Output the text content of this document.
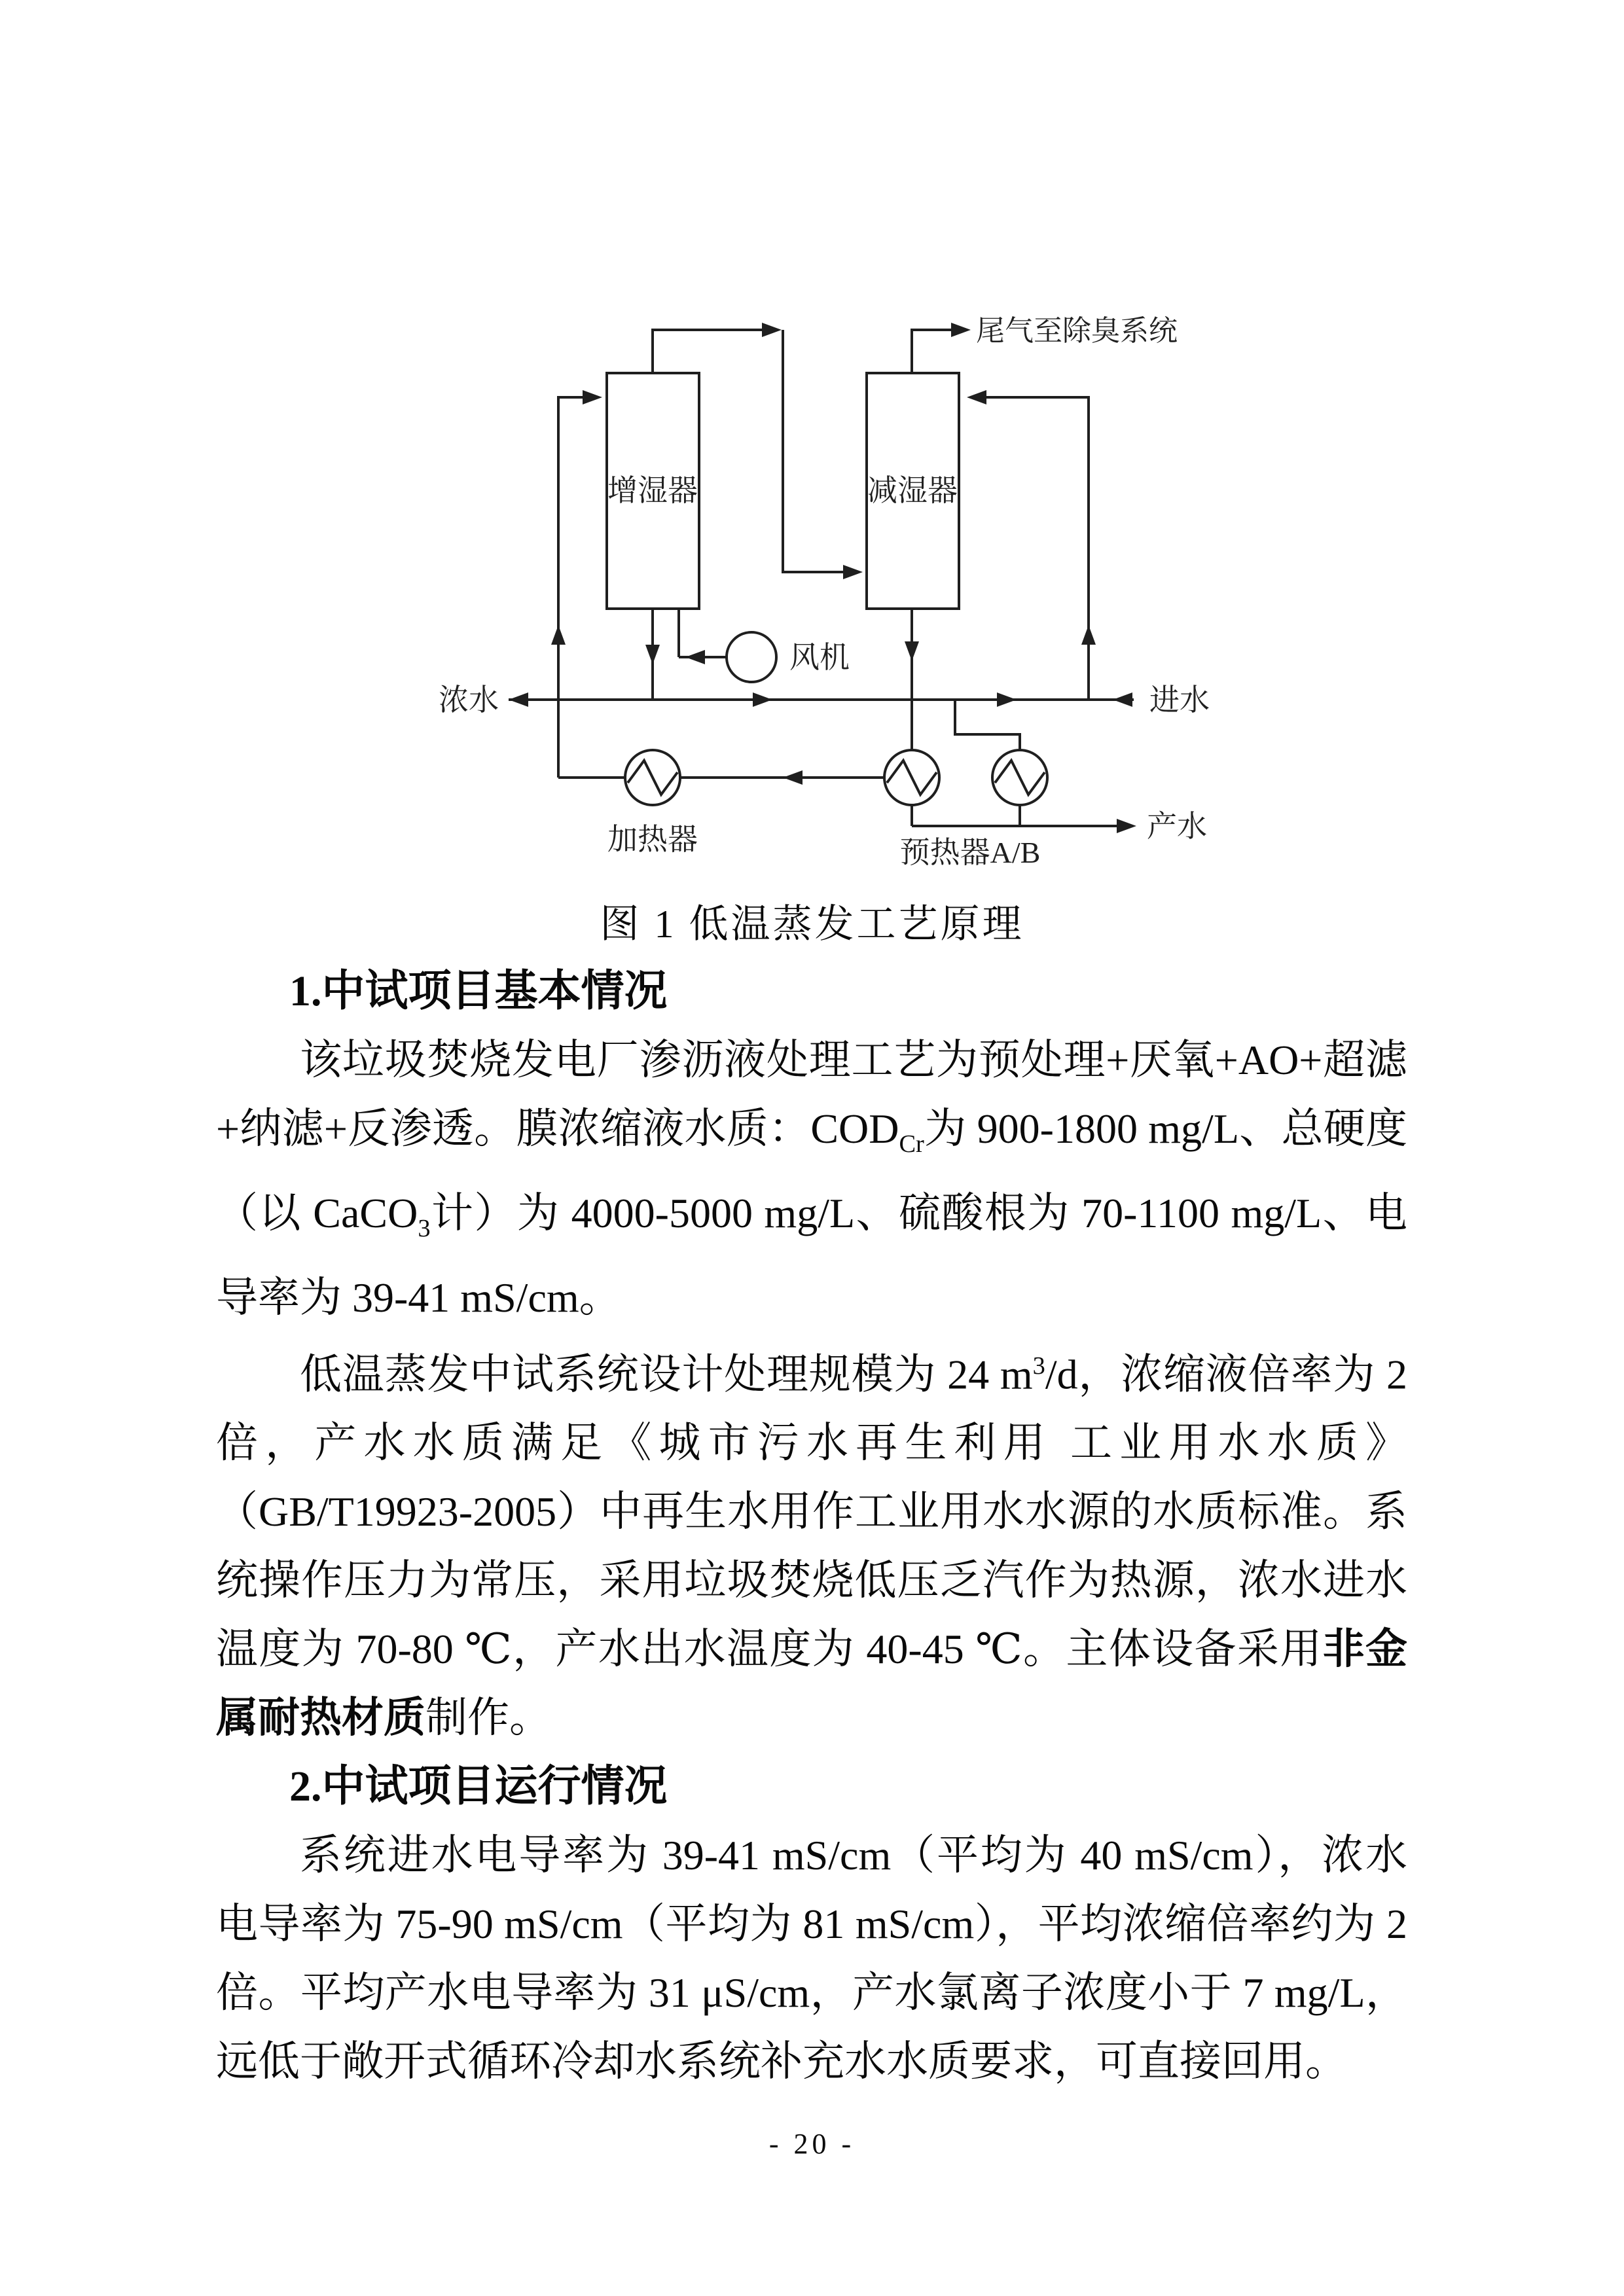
增湿器	减湿器
尾气至除臭系统
浓水	进水
风机
加热器	预热器A/B
产水
图 1 低温蒸发工艺原理
1.中试项目基本情况

该垃圾焚烧发电厂渗沥液处理工艺为预处理+厌氧+AO+超滤+纳滤+反渗透。膜浓缩液水质：$COD_{Cr}$为 900-1800 mg/L、总硬度（以 CaCO$_3$计）为 4000-5000 mg/L、硫酸根为 70-1100 mg/L、电导率为 39-41 mS/cm。

低温蒸发中试系统设计处理规模为 24 $m^3/d$，浓缩液倍率为 2 倍，产水水质满足《城市污水再生利用 工业用水水质》（GB/T19923-2005）中再生水用作工业用水水源的水质标准。系统操作压力为常压，采用垃圾焚烧低压乏汽作为热源，浓水进水温度为 70-80 ℃，产水出水温度为 40-45 ℃。主体设备采用非金属耐热材质制作。

2.中试项目运行情况

系统进水电导率为 39-41 mS/cm（平均为 40 mS/cm），浓水电导率为 75-90 mS/cm（平均为 81 mS/cm），平均浓缩倍率约为 2 倍。平均产水电导率为 31 μS/cm，产水氯离子浓度小于 7 mg/L，远低于敞开式循环冷却水系统补充水水质要求，可直接回用。

- 20 -
